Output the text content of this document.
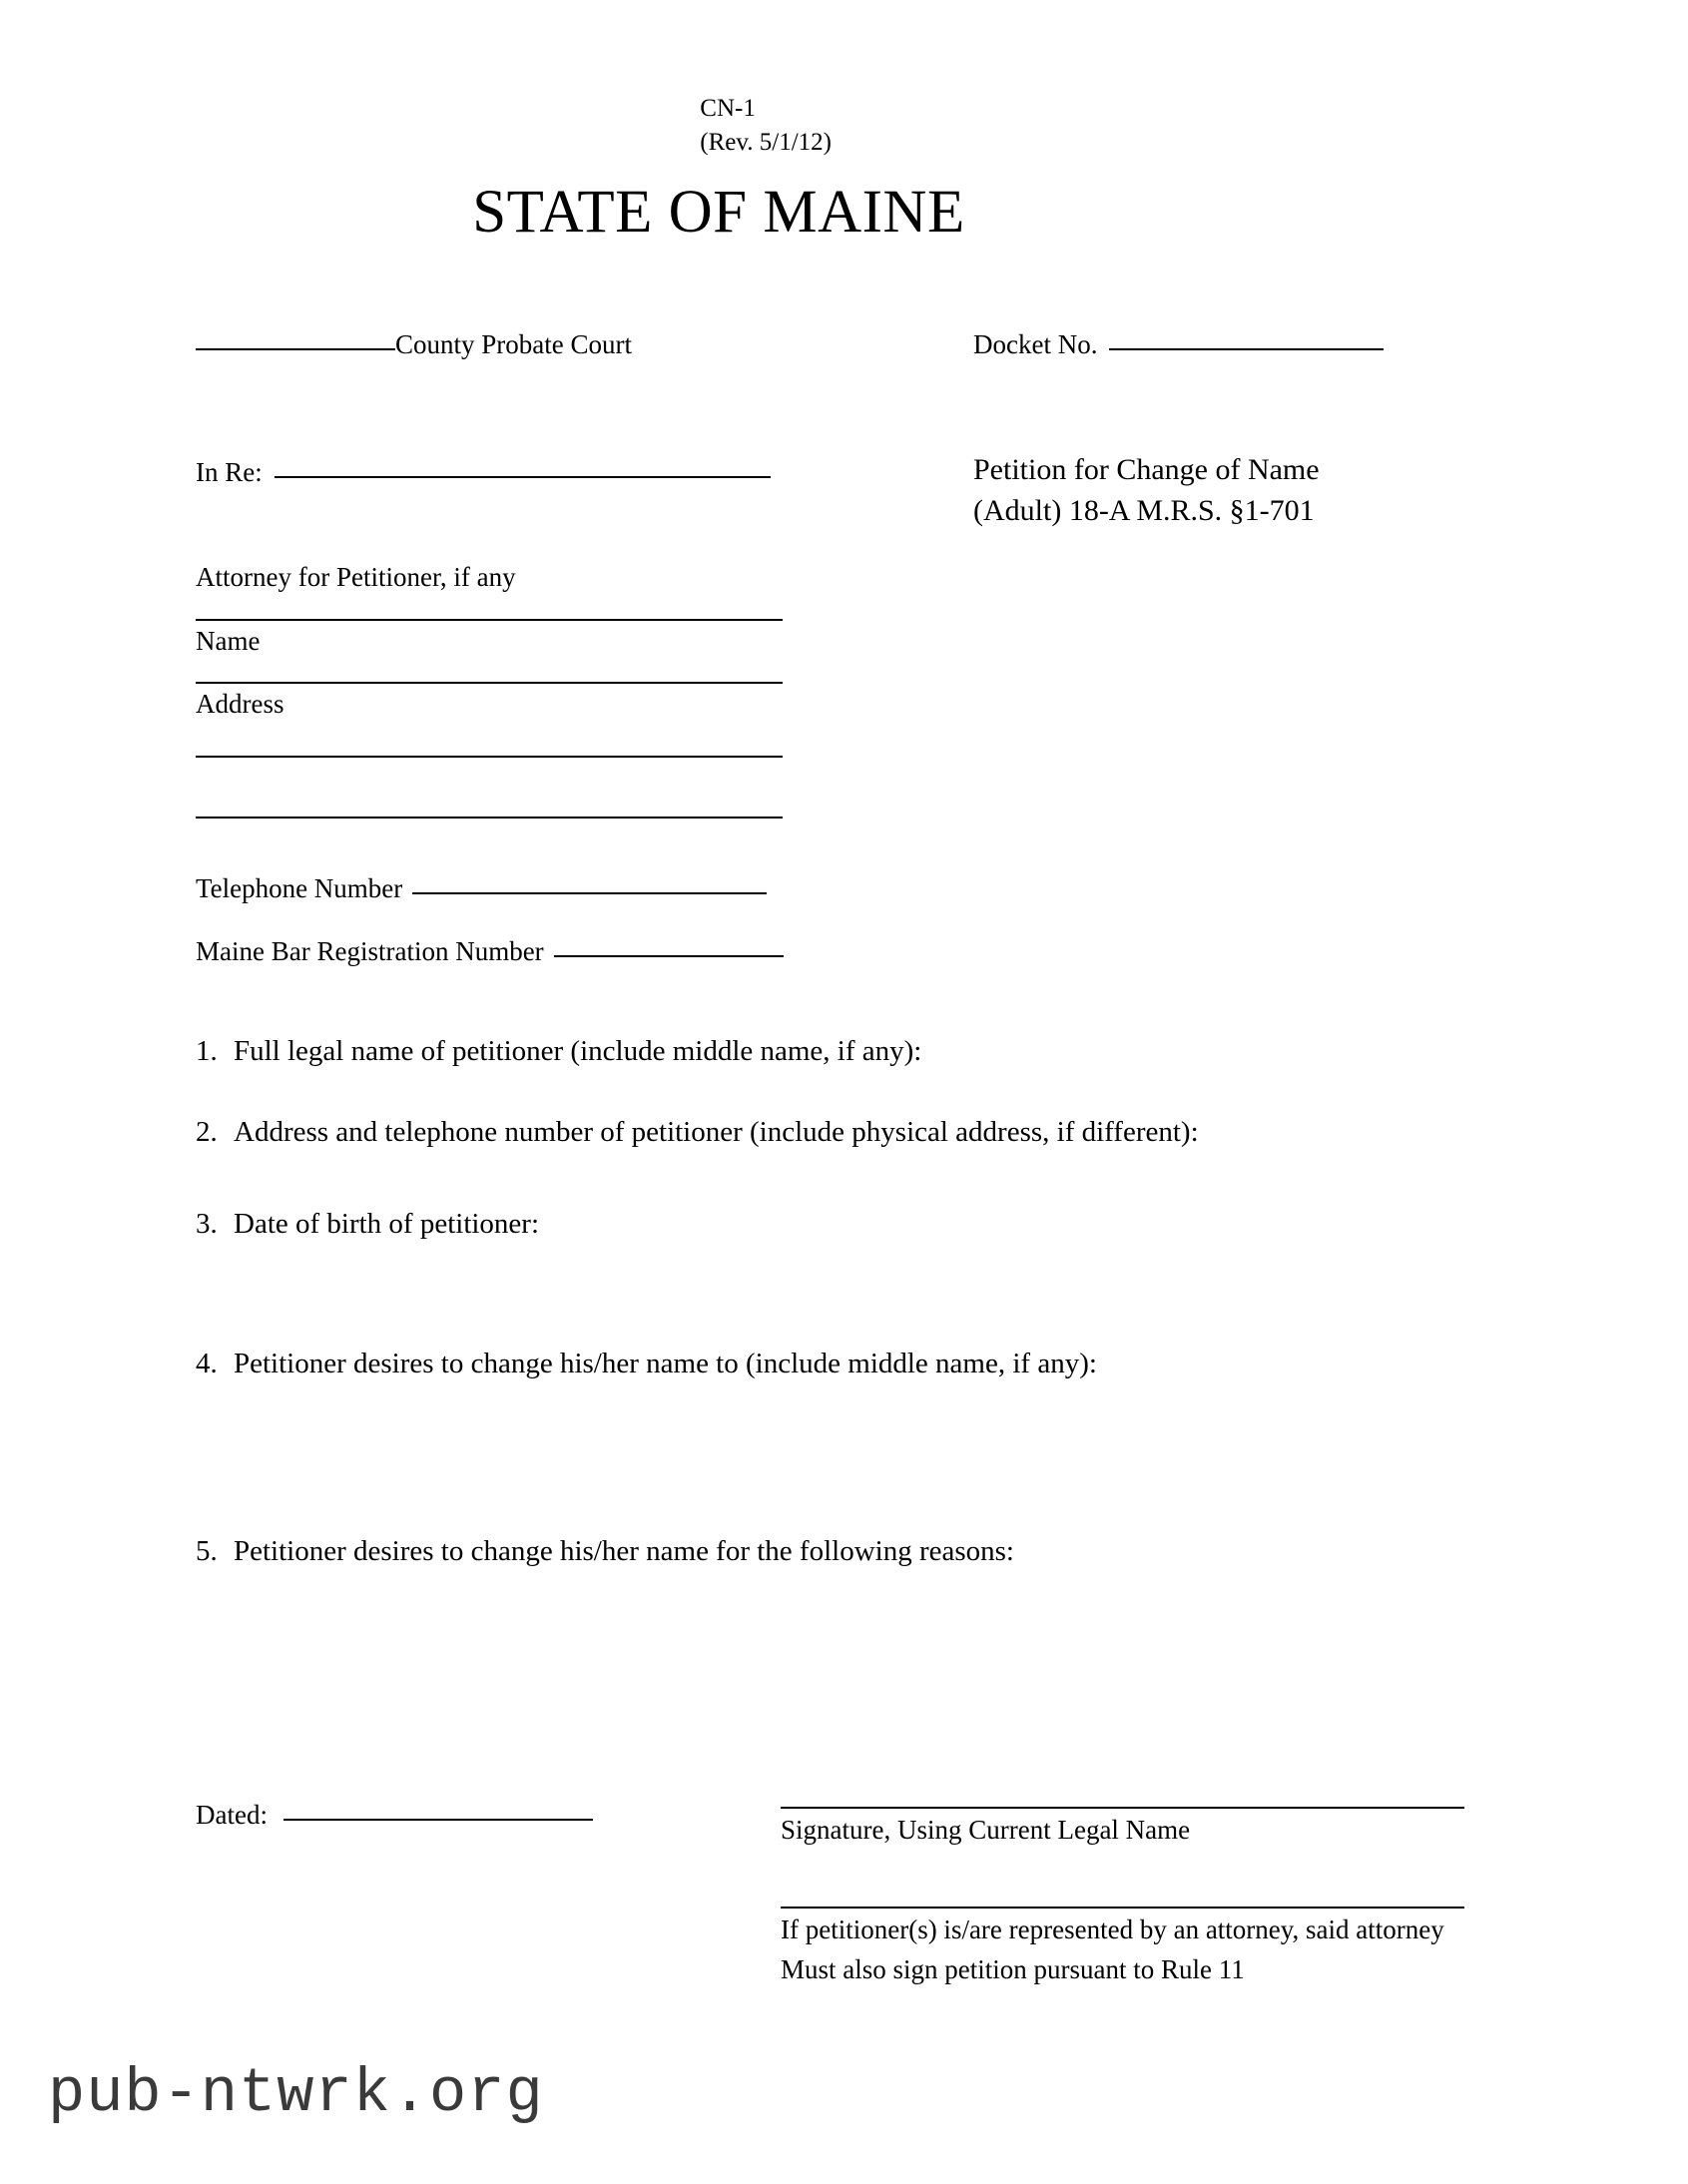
CN-1
(Rev. 5/1/12)
STATE OF MAINE
County Probate Court	Docket No.
In Re:	Petition for Change of Name
(Adult) 18-A M.R.S. §1-701
Attorney for Petitioner, if any
Name
Address
Telephone Number
Maine Bar Registration Number
1. Full legal name of petitioner (include middle name, if any):
2. Address and telephone number of petitioner (include physical address, if different):
3. Date of birth of petitioner:
4. Petitioner desires to change his/her name to (include middle name, if any):
5. Petitioner desires to change his/her name for the following reasons:
Dated:	Signature, Using Current Legal Name
If petitioner(s) is/are represented by an attorney, said attorney
Must also sign petition pursuant to Rule 11
pub-ntwrk.org
